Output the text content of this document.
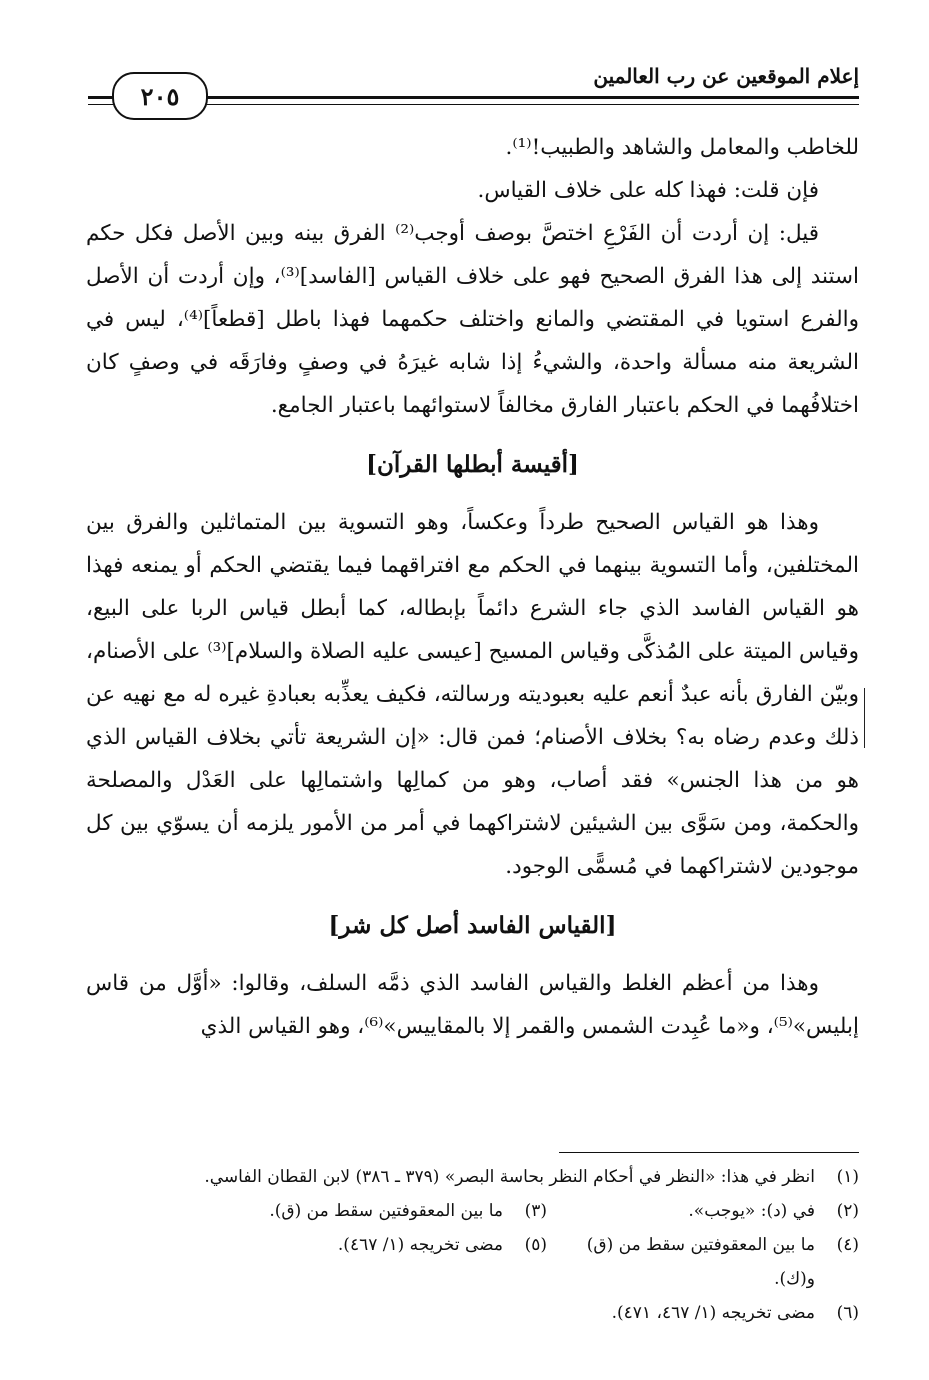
إعلام الموقعين عن رب العالمين
٢٠٥

للخاطب والمعامل والشاهد والطبيب!⁽¹⁾.

فإن قلت: فهذا كله على خلاف القياس.

قيل: إن أردت أن الفَرْعِ اختصَّ بوصف أوجب⁽²⁾ الفرق بينه وبين الأصل فكل حكم استند إلى هذا الفرق الصحيح فهو على خلاف القياس [الفاسد]⁽³⁾، وإن أردت أن الأصل والفرع استويا في المقتضي والمانع واختلف حكمهما فهذا باطل [قطعاً]⁽⁴⁾، ليس في الشريعة منه مسألة واحدة، والشيءُ إذا شابه غيرَهُ في وصفٍ وفارَقَه في وصفٍ كان اختلافُهما في الحكم باعتبار الفارق مخالفاً لاستوائهما باعتبار الجامع.

[أقيسة أبطلها القرآن]

وهذا هو القياس الصحيح طرداً وعكساً، وهو التسوية بين المتماثلين والفرق بين المختلفين، وأما التسوية بينهما في الحكم مع افتراقهما فيما يقتضي الحكم أو يمنعه فهذا هو القياس الفاسد الذي جاء الشرع دائماً بإبطاله، كما أبطل قياس الربا على البيع، وقياس الميتة على المُذكَّى وقياس المسيح [عيسى عليه الصلاة والسلام]⁽³⁾ على الأصنام، وبيّن الفارق بأنه عبدٌ أنعم عليه بعبوديته ورسالته، فكيف يعذِّبه بعبادةِ غيره له مع نهيه عن ذلك وعدم رضاه به؟ بخلاف الأصنام؛ فمن قال: «إن الشريعة تأتي بخلاف القياس الذي هو من هذا الجنس» فقد أصاب، وهو من كمالِها واشتمالِها على العَدْل والمصلحة والحكمة، ومن سَوَّى بين الشيئين لاشتراكهما في أمر من الأمور يلزمه أن يسوّي بين كل موجودين لاشتراكهما في مُسمًّى الوجود.

[القياس الفاسد أصل كل شر]

وهذا من أعظم الغلط والقياس الفاسد الذي ذمَّه السلف، وقالوا: «أوَّل من قاس إبليس»⁽⁵⁾، و«ما عُبِدت الشمس والقمر إلا بالمقاييس»⁽⁶⁾، وهو القياس الذي

(١)
انظر في هذا: «النظر في أحكام النظر بحاسة البصر» (٣٧٩ ـ ٣٨٦) لابن القطان الفاسي.
(٢)
في (د): «يوجب».
(٣)
ما بين المعقوفتين سقط من (ق).
(٤)
ما بين المعقوفتين سقط من (ق) و(ك).
(٥)
مضى تخريجه (١/ ٤٦٧).
(٦)
مضى تخريجه (١/ ٤٦٧، ٤٧١).
